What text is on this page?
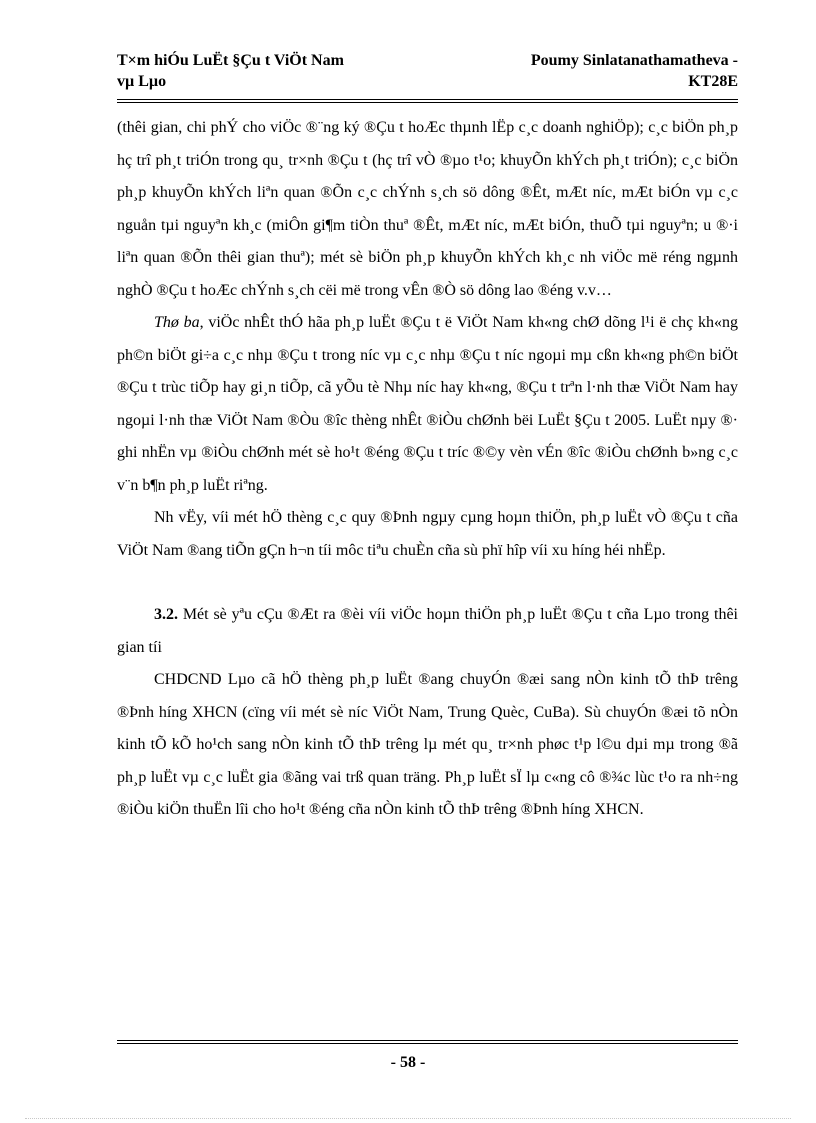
T×m hiÓu LuËt §Çu t ViÖt Nam
vµ Lµo
Poumy Sinlatanathamatheva -
KT28E

(thêi gian, chi phÝ cho viÖc ®¨ng ký ®Çu t hoÆc thµnh lËp c¸c doanh nghiÖp); c¸c biÖn ph¸p hç trî ph¸t triÓn trong qu¸ tr×nh ®Çu t (hç trî vÒ ®µo t¹o; khuyÕn khÝch ph¸t triÓn); c¸c biÖn ph¸p khuyÕn khÝch liªn quan ®Õn c¸c chÝnh s¸ch sö dông ®Êt, mÆt níc, mÆt biÓn vµ c¸c nguån tµi nguyªn kh¸c (miÔn gi¶m tiÒn thuª ®Êt, mÆt níc, mÆt biÓn, thuÕ tµi nguyªn; u ®·i liªn quan ®Õn thêi gian thuª); mét sè biÖn ph¸p khuyÕn khÝch kh¸c nh viÖc më réng ngµnh nghÒ ®Çu t hoÆc chÝnh s¸ch cëi më trong vÊn ®Ò sö dông lao ®éng v.v…

Thø ba, viÖc nhÊt thÓ hãa ph¸p luËt ®Çu t ë ViÖt Nam kh«ng chØ dõng l¹i ë chç kh«ng ph©n biÖt gi÷a c¸c nhµ ®Çu t trong níc vµ c¸c nhµ ®Çu t níc ngoµi mµ cßn kh«ng ph©n biÖt ®Çu t trùc tiÕp hay gi¸n tiÕp, cã yÕu tè Nhµ níc hay kh«ng, ®Çu t trªn l·nh thæ ViÖt Nam hay ngoµi l·nh thæ ViÖt Nam ®Òu ®îc thèng nhÊt ®iÒu chØnh bëi LuËt §Çu t 2005. LuËt nµy ®· ghi nhËn vµ ®iÒu chØnh mét sè ho¹t ®éng ®Çu t tríc ®©y vèn vÉn ®îc ®iÒu chØnh b»ng c¸c v¨n b¶n ph¸p luËt riªng.

Nh vËy, víi mét hÖ thèng c¸c quy ®Þnh ngµy cµng hoµn thiÖn, ph¸p luËt vÒ ®Çu t cña ViÖt Nam ®ang tiÕn gÇn h¬n tíi môc tiªu chuÈn cña sù phï hîp víi xu híng héi nhËp.

3.2. Mét sè yªu cÇu ®Æt ra ®èi víi viÖc hoµn thiÖn ph¸p luËt ®Çu t cña Lµo trong thêi gian tíi

CHDCND Lµo cã hÖ thèng ph¸p luËt ®ang chuyÓn ®æi sang nÒn kinh tÕ thÞ trêng ®Þnh híng XHCN (cïng víi mét sè níc ViÖt Nam, Trung Quèc, CuBa). Sù chuyÓn ®æi tõ nÒn kinh tÕ kÕ ho¹ch sang nÒn kinh tÕ thÞ trêng lµ mét qu¸ tr×nh phøc t¹p l©u dµi mµ trong ®ã ph¸p luËt vµ c¸c luËt gia ®ãng vai trß quan träng. Ph¸p luËt sÏ lµ c«ng cô ®¾c lùc t¹o ra nh÷ng ®iÒu kiÖn thuËn lîi cho ho¹t ®éng cña nÒn kinh tÕ thÞ trêng ®Þnh híng XHCN.

- 58 -
